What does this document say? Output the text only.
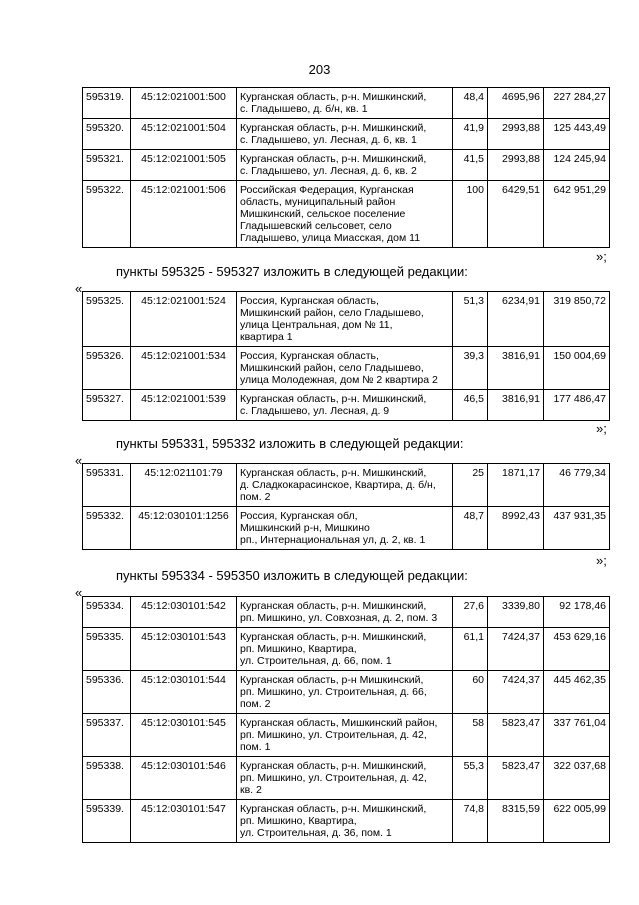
203
595319.	45:12:021001:500	Курганская область, р-н. Мишкинский,
с. Гладышево, д. б/н, кв. 1	48,4	4695,96	227 284,27
595320.	45:12:021001:504	Курганская область, р-н. Мишкинский,
с. Гладышево, ул. Лесная, д. 6, кв. 1	41,9	2993,88	125 443,49
595321.	45:12:021001:505	Курганская область, р-н. Мишкинский,
с. Гладышево, ул. Лесная, д. 6, кв. 2	41,5	2993,88	124 245,94
595322.	45:12:021001:506	Российская Федерация, Курганская
область, муниципальный район
Мишкинский, сельское поселение
Гладышевский сельсовет, село
Гладышево, улица Миасская, дом 11	100	6429,51	642 951,29
»;
пункты 595325 - 595327 изложить в следующей редакции:
«
595325.	45:12:021001:524	Россия, Курганская область,
Мишкинский район, село Гладышево,
улица Центральная, дом № 11,
квартира 1	51,3	6234,91	319 850,72
595326.	45:12:021001:534	Россия, Курганская область,
Мишкинский район, село Гладышево,
улица Молодежная, дом № 2 квартира 2	39,3	3816,91	150 004,69
595327.	45:12:021001:539	Курганская область, р-н. Мишкинский,
с. Гладышево, ул. Лесная, д. 9	46,5	3816,91	177 486,47
»;
пункты 595331, 595332 изложить в следующей редакции:
«
595331.	45:12:021101:79	Курганская область, р-н. Мишкинский,
д. Сладкокарасинское, Квартира, д. б/н,
пом. 2	25	1871,17	46 779,34
595332.	45:12:030101:1256	Россия, Курганская обл,
Мишкинский р-н, Мишкино
рп., Интернациональная ул, д. 2, кв. 1	48,7	8992,43	437 931,35
»;
пункты 595334 - 595350 изложить в следующей редакции:
«
595334.	45:12:030101:542	Курганская область, р-н. Мишкинский,
рп. Мишкино, ул. Совхозная, д. 2, пом. 3	27,6	3339,80	92 178,46
595335.	45:12:030101:543	Курганская область, р-н. Мишкинский,
рп. Мишкино, Квартира,
ул. Строительная, д. 66, пом. 1	61,1	7424,37	453 629,16
595336.	45:12:030101:544	Курганская область, р-н Мишкинский,
рп. Мишкино, ул. Строительная, д. 66,
пом. 2	60	7424,37	445 462,35
595337.	45:12:030101:545	Курганская область, Мишкинский район,
рп. Мишкино, ул. Строительная, д. 42,
пом. 1	58	5823,47	337 761,04
595338.	45:12:030101:546	Курганская область, р-н. Мишкинский,
рп. Мишкино, ул. Строительная, д. 42,
кв. 2	55,3	5823,47	322 037,68
595339.	45:12:030101:547	Курганская область, р-н. Мишкинский,
рп. Мишкино, Квартира,
ул. Строительная, д. 36, пом. 1	74,8	8315,59	622 005,99
